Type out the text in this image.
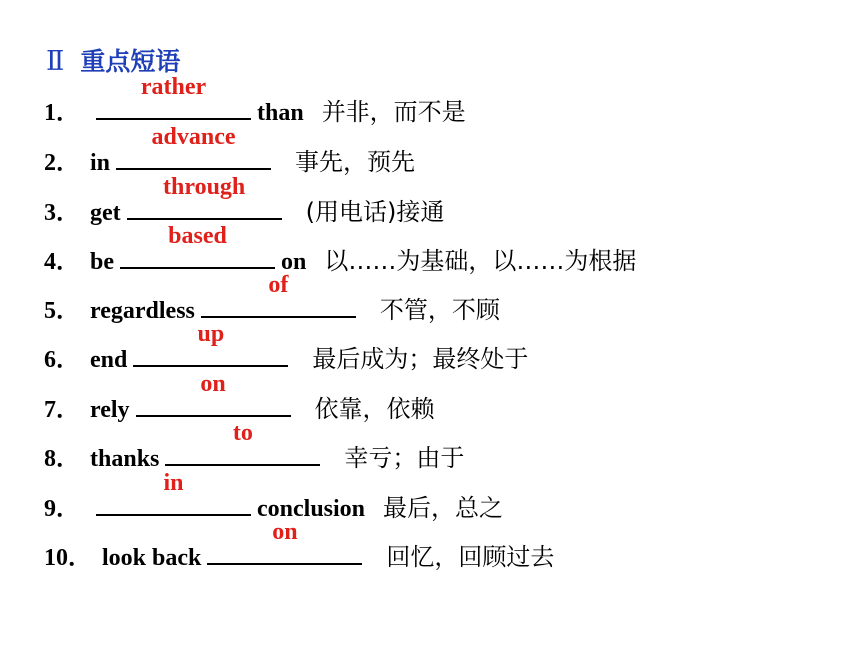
Ⅱ 重点短语
1．
rather
than 并非，而不是
2． in
advance
事先，预先
3． get
through
(用电话)接通
4． be
based
on 以……为基础，以……为根据
5． regardless
of
不管，不顾
6． end
up
最后成为；最终处于
7． rely
on
依靠，依赖
8． thanks
to
幸亏；由于
9．
in
conclusion 最后，总之
10． look back
on
回忆，回顾过去
